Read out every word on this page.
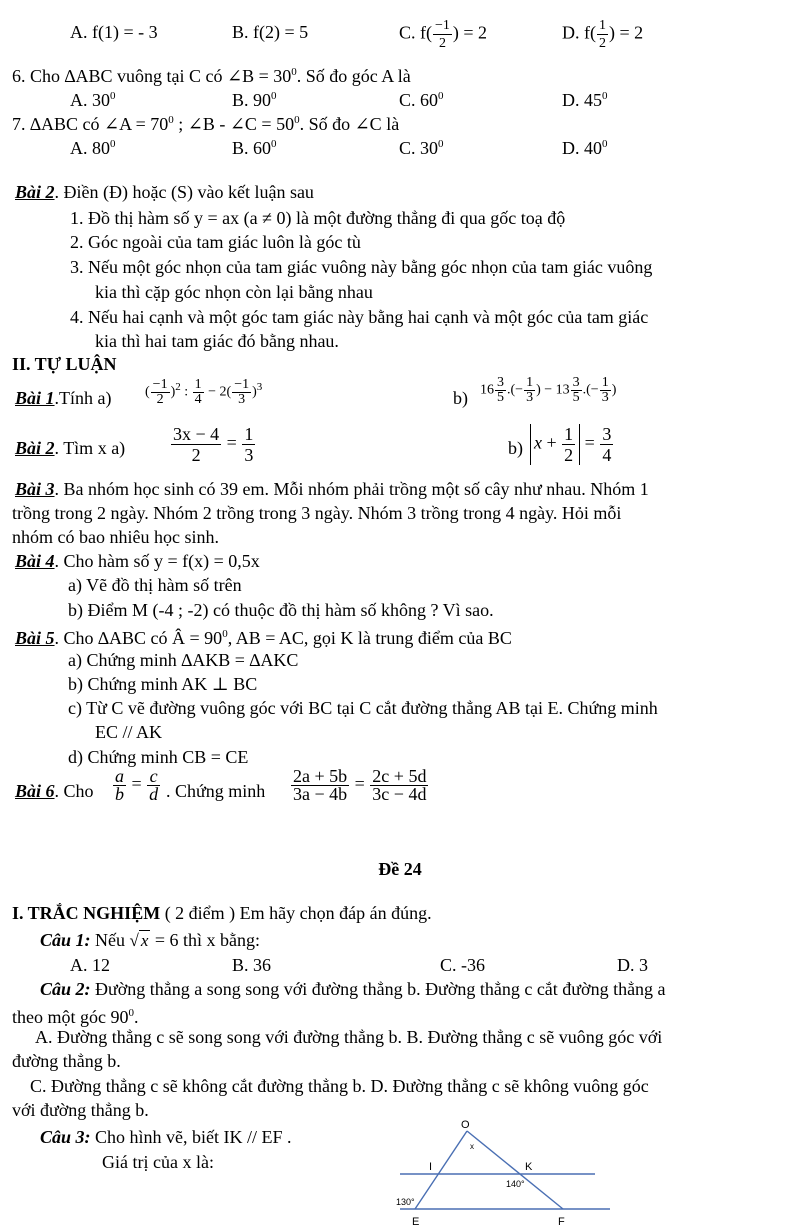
A. f(1) = - 3	B. f(2) = 5	C. $f( \frac{-1}{2}$ ) = 2	D. $f( \frac{1}{2}$ ) = 2
6. Cho ∆ABC vuông tại C có ∠B = $30^0$. Số đo góc A là
A. $30^0$	B. $90^0$	C. $60^0$	D. $45^0$
7. ∆ABC có ∠A = $70^0$ ; ∠B - ∠C = $50^0$. Số đo ∠C là
A. $80^0$	B. $60^0$	C. $30^0$	D. $40^0$
Bài 2. Điền (Đ) hoặc (S) vào kết luận sau
1. Đồ thị hàm số y = ax (a ≠ 0) là một đường thẳng đi qua gốc toạ độ
2. Góc ngoài của tam giác luôn là góc tù
3. Nếu một góc nhọn của tam giác vuông này bằng góc nhọn của tam giác vuông
kia thì cặp góc nhọn còn lại bằng nhau
4. Nếu hai cạnh và một góc tam giác này bằng hai cạnh và một góc của tam giác
kia thì hai tam giác đó bằng nhau.
II. TỰ LUẬN
Bài 1.Tính a) ( $\frac{-1}{2} )^2$ : $\frac{1}{4} - 2( \frac{-1}{3} )^3$
b) $16 \frac{3}{5}$ .(− $\frac{1}{3}$ ) − $13 \frac{3}{5}$ .(− $\frac{1}{3}$ )
Bài 2. Tìm x a)	$\frac{3x - 4}{2} = \frac{1}{3}$	b) $x + \frac{1}{2} = \frac{3}{4}$
Bài 3. Ba nhóm học sinh có 39 em. Mỗi nhóm phải trồng một số cây như nhau. Nhóm 1
trồng trong 2 ngày. Nhóm 2 trồng trong 3 ngày. Nhóm 3 trồng trong 4 ngày. Hỏi mỗi
nhóm có bao nhiêu học sinh.
Bài 4. Cho hàm số y = f(x) = 0,5x
a) Vẽ đồ thị hàm số trên
b) Điểm M (-4 ; -2) có thuộc đồ thị hàm số không ? Vì sao.
Bài 5. Cho ∆ABC có Â = $90^0$, AB = AC, gọi K là trung điểm của BC
a) Chứng minh ∆AKB = ∆AKC
b) Chứng minh AK ⊥ BC
c) Từ C vẽ đường vuông góc với BC tại C cắt đường thẳng AB tại E. Chứng minh
EC // AK
d) Chứng minh CB = CE
Bài 6. Cho $\frac{a}{b} = \frac{c}{d}$ . Chứng minh $\frac{2a + 5b}{3a - 4b} = \frac{2c + 5d}{3c - 4d}$
Đề 24
I. TRẮC NGHIỆM ( 2 điểm ) Em hãy chọn đáp án đúng.
Câu 1: Nếu √ x = 6 thì x bằng:
A. 12	B. 36	C. -36	D. 3
Câu 2: Đường thẳng a song song với đường thẳng b. Đường thẳng c cắt đường thẳng a
theo một góc $90^0$.
A. Đường thẳng c sẽ song song với đường thẳng b. B. Đường thẳng c sẽ vuông góc với
đường thẳng b.
C. Đường thẳng c sẽ không cắt đường thẳng b. D. Đường thẳng c sẽ không vuông góc
với đường thẳng b.
Câu 3: Cho hình vẽ, biết IK // EF .
Giá trị của x là:
O
x
I	K
140°
130°
E	F
